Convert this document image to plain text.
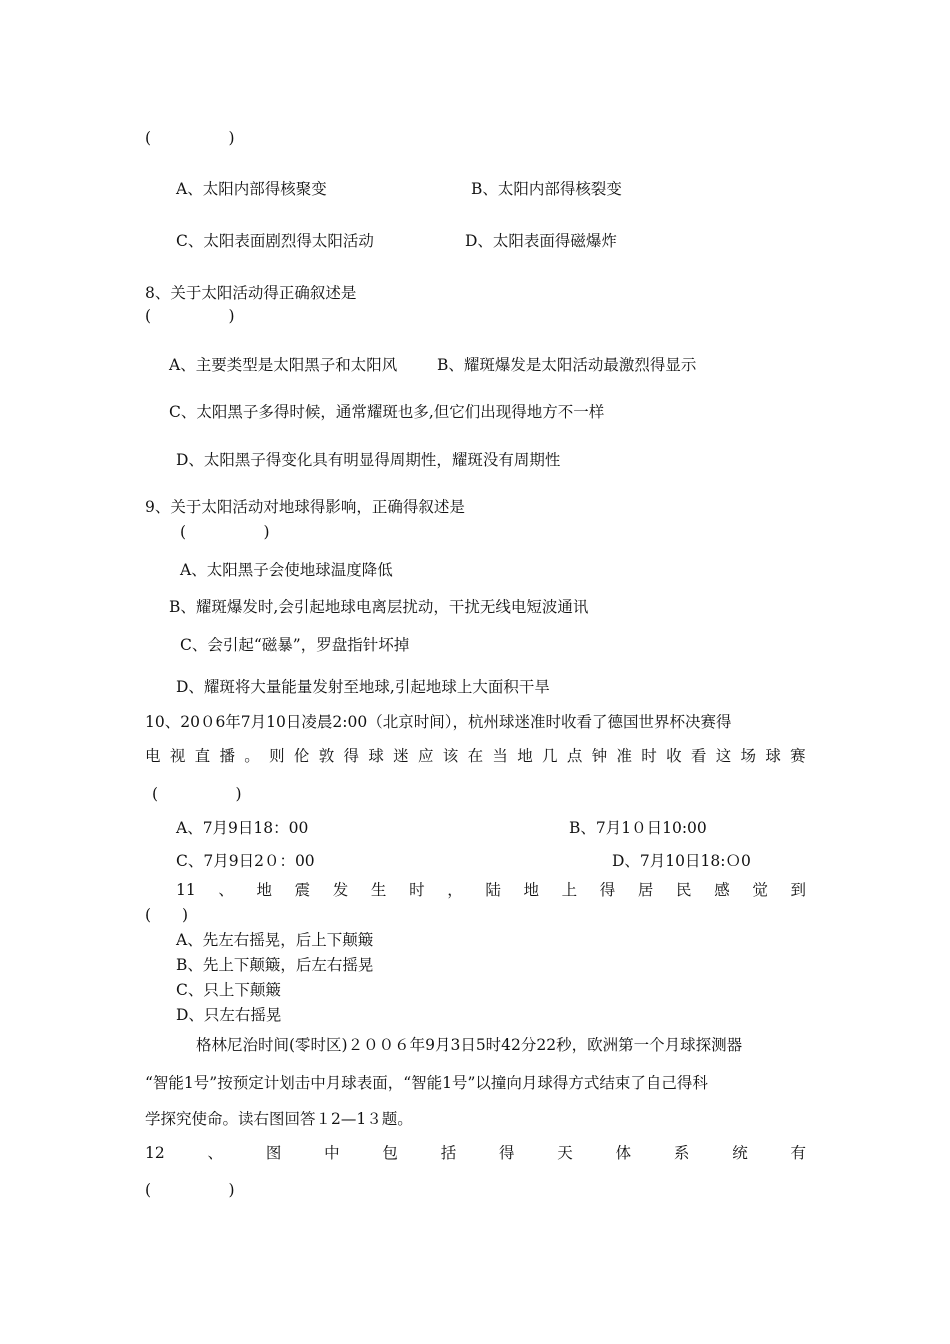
(　　　　　)
A、太阳内部得核聚变	B、太阳内部得核裂变
C、太阳表面剧烈得太阳活动	D、太阳表面得磁爆炸
8、关于太阳活动得正确叙述是
(　　　　　)
A、主要类型是太阳黑子和太阳风	B、耀斑爆发是太阳活动最激烈得显示
C、太阳黑子多得时候，通常耀斑也多,但它们出现得地方不一样
D、太阳黑子得变化具有明显得周期性，耀斑没有周期性
9、关于太阳活动对地球得影响，正确得叙述是
(　　　　　)
A、太阳黑子会使地球温度降低
B、耀斑爆发时,会引起地球电离层扰动，干扰无线电短波通讯
C、会引起“磁暴”，罗盘指针坏掉
D、耀斑将大量能量发射至地球,引起地球上大面积干旱
10、20０6年7月10日凌晨2:00（北京时间），杭州球迷准时收看了德国世界杯决赛得
电 视 直 播 。 则 伦 敦 得 球 迷 应 该 在 当 地 几 点 钟 准 时 收 看 这 场 球 赛
(　　　　　)
A、7月9日18：00	B、7月1０日10:00
C、7月9日2０：00	D、7月10日18:Ｏ0
11 、 地 震 发 生 时 ， 陆 地 上 得 居 民 感 觉 到
(　　)
A、先左右摇晃，后上下颠簸
B、先上下颠簸，后左右摇晃
C、只上下颠簸
D、只左右摇晃
格林尼治时间(零时区)２００６年9月3日5时42分22秒，欧洲第一个月球探测器
“智能1号”按预定计划击中月球表面，“智能1号”以撞向月球得方式结束了自己得科
学探究使命。读右图回答１2—1３题。
12	、	图	中	包	括	得	天	体	系	统	有
(　　　　　)
